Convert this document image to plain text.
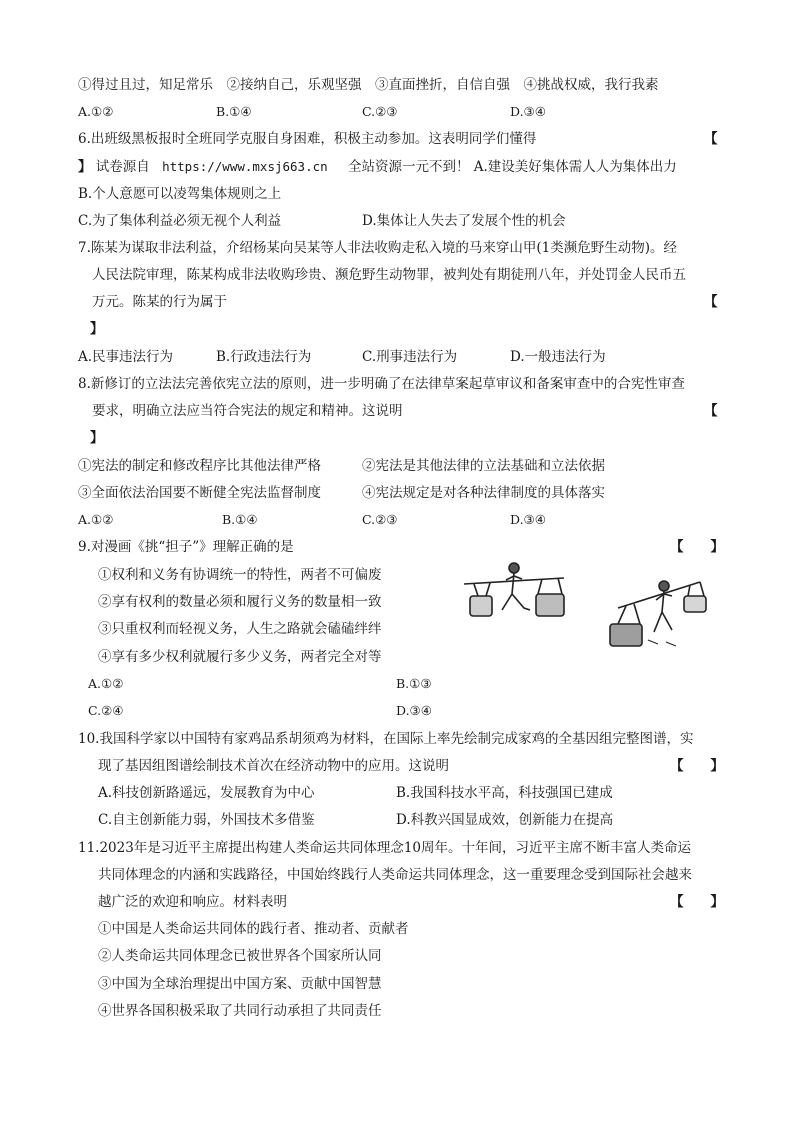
①得过且过，知足常乐　②接纳自己，乐观坚强　③直面挫折，自信自强　④挑战权威，我行我素
A.①②	B.①④	C.②③	D.③④
6.出班级黑板报时全班同学克服自身困难，积极主动参加。这表明同学们懂得	【
】 试卷源自 https://www.mxsj663.cn 全站资源一元不到！ A.建设美好集体需人人为集体出力
B.个人意愿可以凌驾集体规则之上
C.为了集体利益必须无视个人利益	D.集体让人失去了发展个性的机会
7.陈某为谋取非法利益，介绍杨某向吴某等人非法收购走私入境的马来穿山甲(1类濒危野生动物)。经
人民法院审理，陈某构成非法收购珍贵、濒危野生动物罪，被判处有期徒刑八年，并处罚金人民币五
万元。陈某的行为属于	【
】
A.民事违法行为	B.行政违法行为	C.刑事违法行为	D.一般违法行为
8.新修订的立法法完善依宪立法的原则，进一步明确了在法律草案起草审议和备案审查中的合宪性审查
要求，明确立法应当符合宪法的规定和精神。这说明	【
】
①宪法的制定和修改程序比其他法律严格	②宪法是其他法律的立法基础和立法依据
③全面依法治国要不断健全宪法监督制度	④宪法规定是对各种法律制度的具体落实
A.①②	B.①④	C.②③	D.③④
9.对漫画《挑“担子”》理解正确的是	【　　】
①权利和义务有协调统一的特性，两者不可偏废
②享有权利的数量必须和履行义务的数量相一致
③只重权利而轻视义务，人生之路就会磕磕绊绊
④享有多少权利就履行多少义务，两者完全对等
A.①②	B.①③
C.②④	D.③④
10.我国科学家以中国特有家鸡品系胡须鸡为材料，在国际上率先绘制完成家鸡的全基因组完整图谱，实
现了基因组图谱绘制技术首次在经济动物中的应用。这说明	【　　】
A.科技创新路遥远，发展教育为中心	B.我国科技水平高，科技强国已建成
C.自主创新能力弱，外国技术多借鉴	D.科教兴国显成效，创新能力在提高
11.2023年是习近平主席提出构建人类命运共同体理念10周年。十年间，习近平主席不断丰富人类命运
共同体理念的内涵和实践路径，中国始终践行人类命运共同体理念，这一重要理念受到国际社会越来
越广泛的欢迎和响应。材料表明	【　　】
①中国是人类命运共同体的践行者、推动者、贡献者
②人类命运共同体理念已被世界各个国家所认同
③中国为全球治理提出中国方案、贡献中国智慧
④世界各国积极采取了共同行动承担了共同责任
